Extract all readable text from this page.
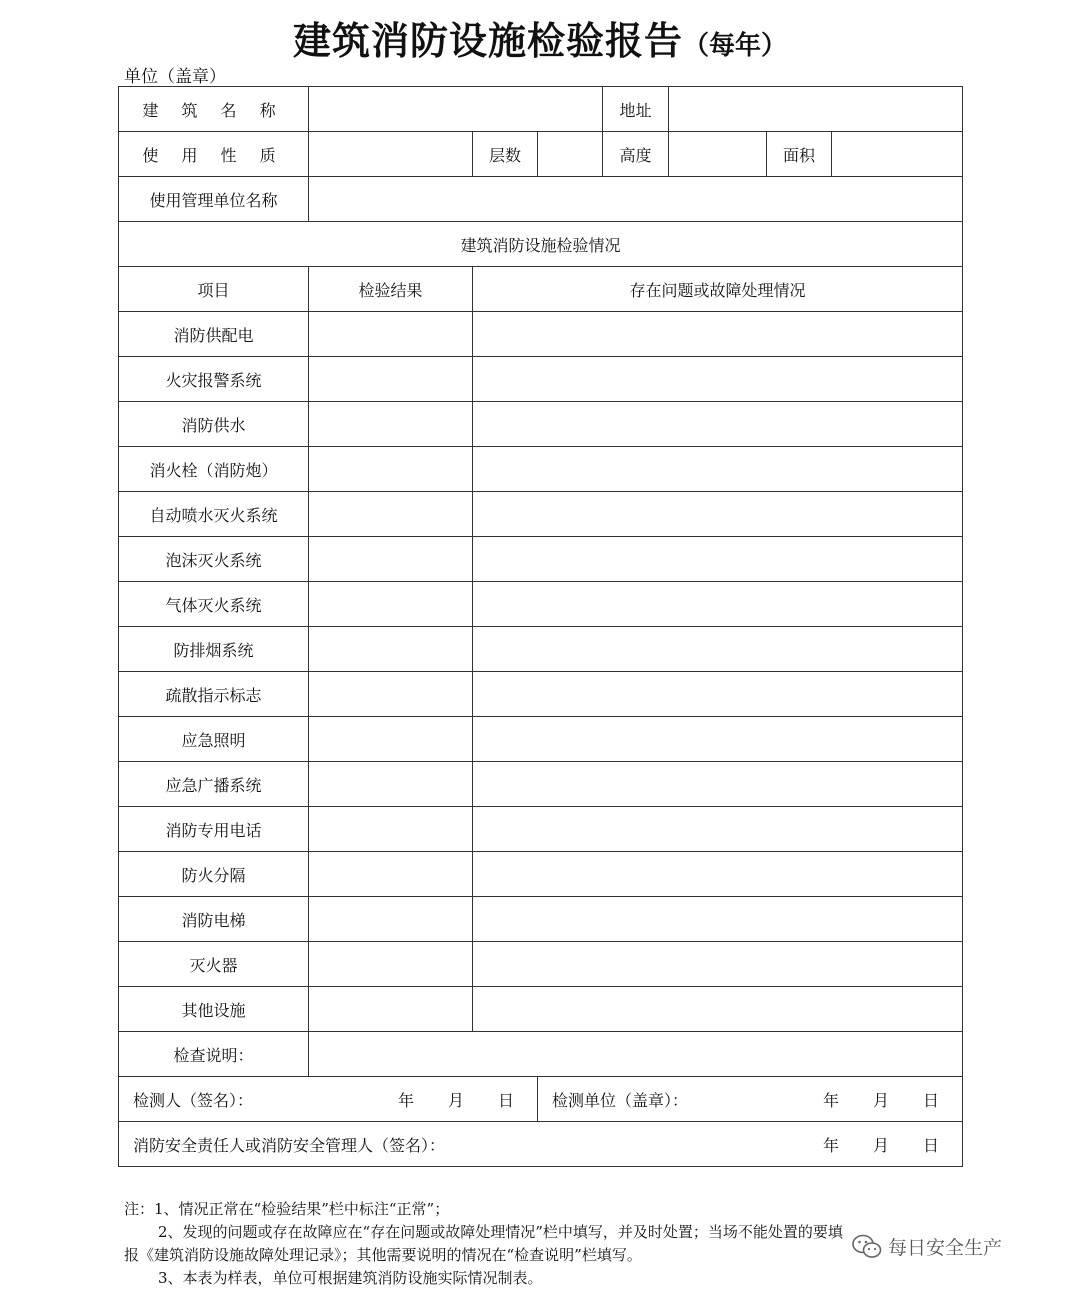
建筑消防设施检验报告（每年）
单位（盖章）
建 筑 名 称				地址			
使 用 性 质		层数		高度		面积	
使用管理单位名称							
建筑消防设施检验情况							
项目	检验结果	存在问题或故障处理情况					
消防供配电							
火灾报警系统							
消防供水							
消火栓（消防炮）							
自动喷水灭火系统							
泡沫灭火系统							
气体灭火系统							
防排烟系统							
疏散指示标志							
应急照明							
应急广播系统							
消防专用电话							
防火分隔							
消防电梯							
灭火器							
其他设施							
检查说明：							

检测人（签名）： 年 月 日			检测单位（盖章）： 年 月 日				

消防安全责任人或消防安全管理人（签名）： 年 月 日							
注：1、情况正常在“检验结果”栏中标注“正常”；
2、发现的问题或存在故障应在“存在问题或故障处理情况”栏中填写，并及时处置；当场不能处置的要填
报《建筑消防设施故障处理记录》；其他需要说明的情况在“检查说明”栏填写。
3、本表为样表，单位可根据建筑消防设施实际情况制表。
每日安全生产
